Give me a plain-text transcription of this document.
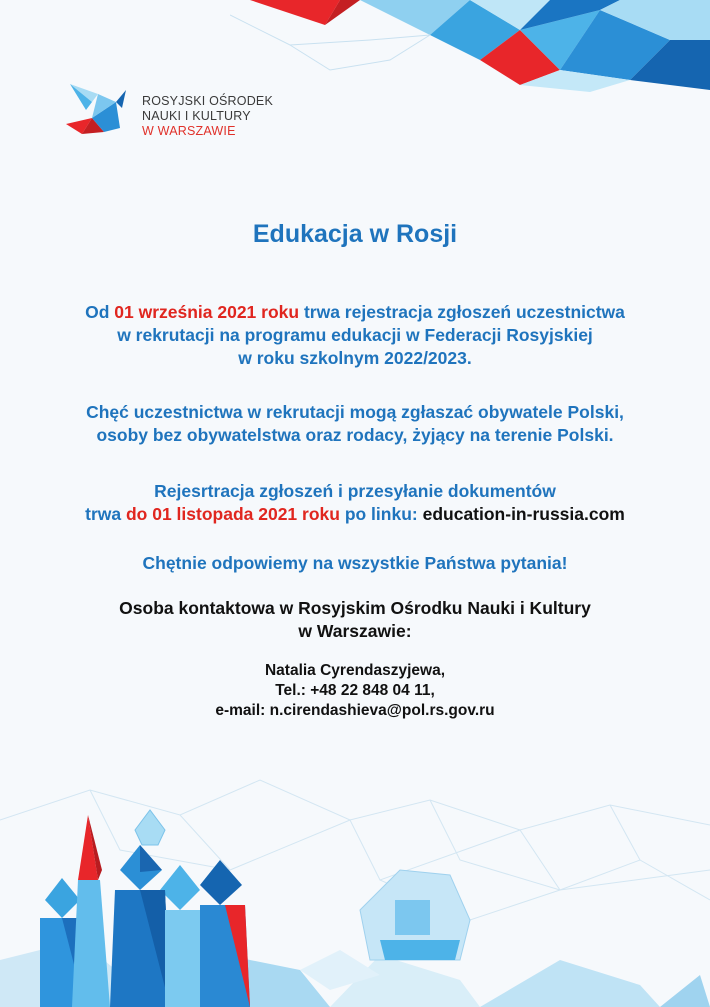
ROSYJSKI OŚRODEK
NAUKI I KULTURY
W WARSZAWIE
Edukacja w Rosji
Od 01 września 2021 roku trwa rejestracja zgłoszeń uczestnictwa
w rekrutacji na programu edukacji w Federacji Rosyjskiej
w roku szkolnym 2022/2023.
Chęć uczestnictwa w rekrutacji mogą zgłaszać obywatele Polski,
osoby bez obywatelstwa oraz rodacy, żyjący na terenie Polski.
Rejesrtracja zgłoszeń i przesyłanie dokumentów
trwa do 01 listopada 2021 roku po linku: education-in-russia.com
Chętnie odpowiemy na wszystkie Państwa pytania!
Osoba kontaktowa w Rosyjskim Ośrodku Nauki i Kultury
w Warszawie:
Natalia Cyrendaszyjewa,
Tel.: +48 22 848 04 11,
e-mail: n.cirendashieva@pol.rs.gov.ru
